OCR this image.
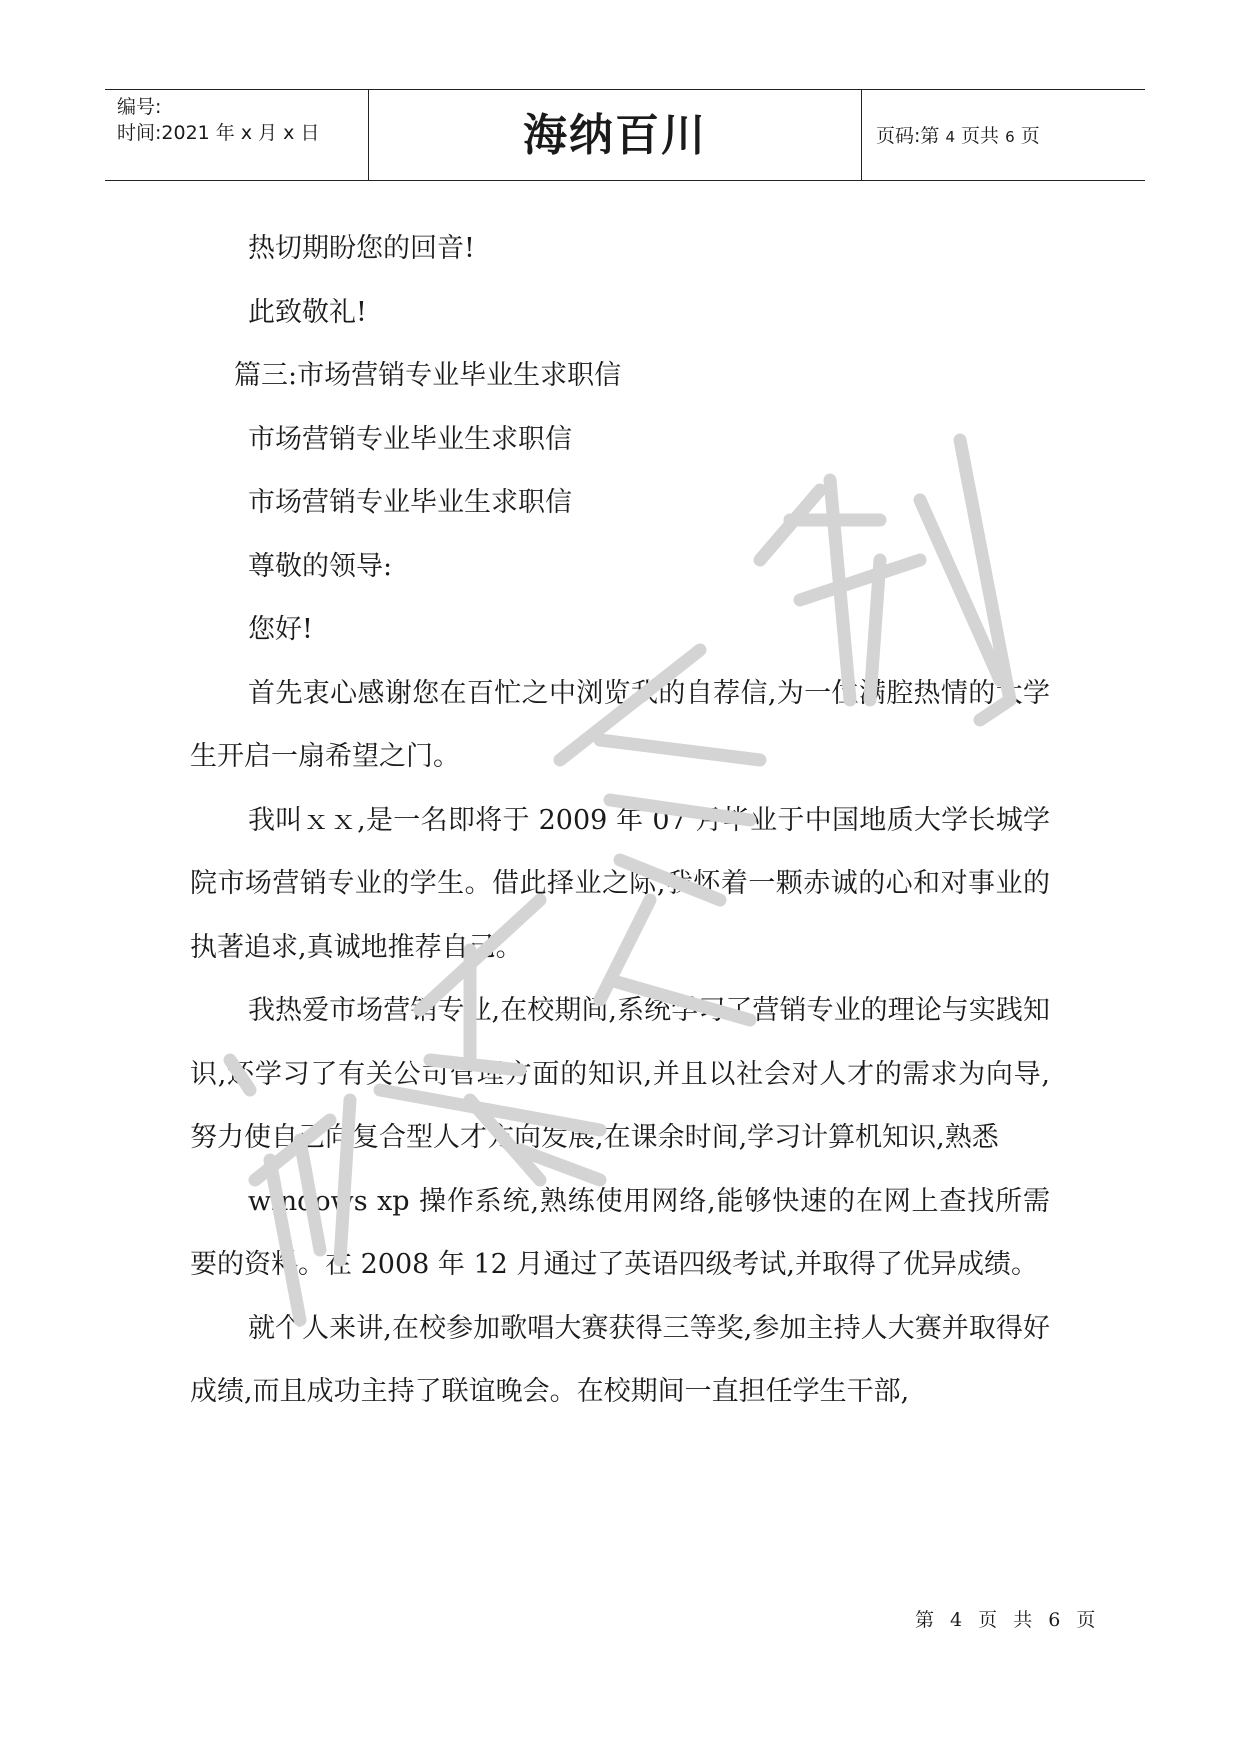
编号:
时间:2021 年 x 月 x 日	海纳百川	页码:第 4 页共 6 页

热切期盼您的回音!

此致敬礼!

篇三:市场营销专业毕业生求职信

市场营销专业毕业生求职信

市场营销专业毕业生求职信

尊敬的领导:

您好!

首先衷心感谢您在百忙之中浏览我的自荐信,为一位满腔热情的大学生开启一扇希望之门。

我叫ｘｘ,是一名即将于 2009 年 07 月毕业于中国地质大学长城学院市场营销专业的学生。借此择业之际,我怀着一颗赤诚的心和对事业的执著追求,真诚地推荐自己。

我热爱市场营销专业,在校期间,系统学习了营销专业的理论与实践知识,还学习了有关公司管理方面的知识,并且以社会对人才的需求为向导,努力使自己向复合型人才方向发展,在课余时间,学习计算机知识,熟悉

windows xp 操作系统,熟练使用网络,能够快速的在网上查找所需要的资料。在 2008 年 12 月通过了英语四级考试,并取得了优异成绩。

就个人来讲,在校参加歌唱大赛获得三等奖,参加主持人大赛并取得好成绩,而且成功主持了联谊晚会。在校期间一直担任学生干部,

第 4 页 共 6 页
